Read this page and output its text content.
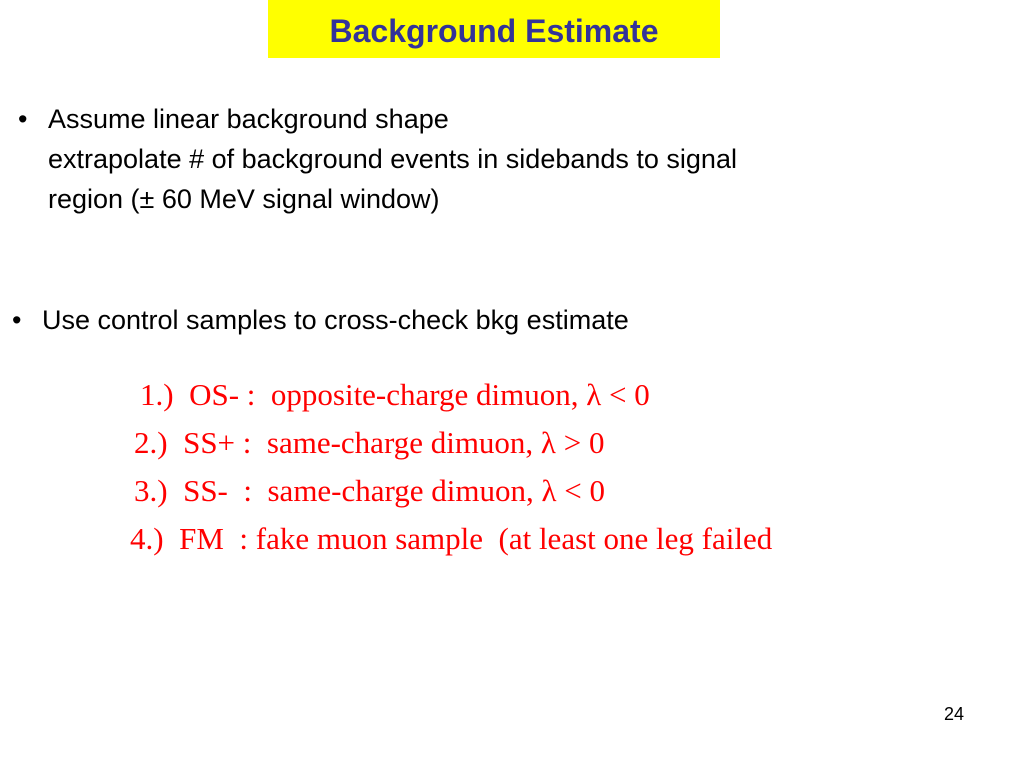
Background Estimate
• Assume linear background shape
extrapolate # of background events in sidebands to signal
region (± 60 MeV signal window)
• Use control samples to cross-check bkg estimate

1.)  OS- :  opposite-charge dimuon, λ < 0

2.)  SS+ :  same-charge dimuon, λ > 0

3.)  SS-  :  same-charge dimuon, λ < 0

4.)  FM  : fake muon sample  (at least one leg failed

24
